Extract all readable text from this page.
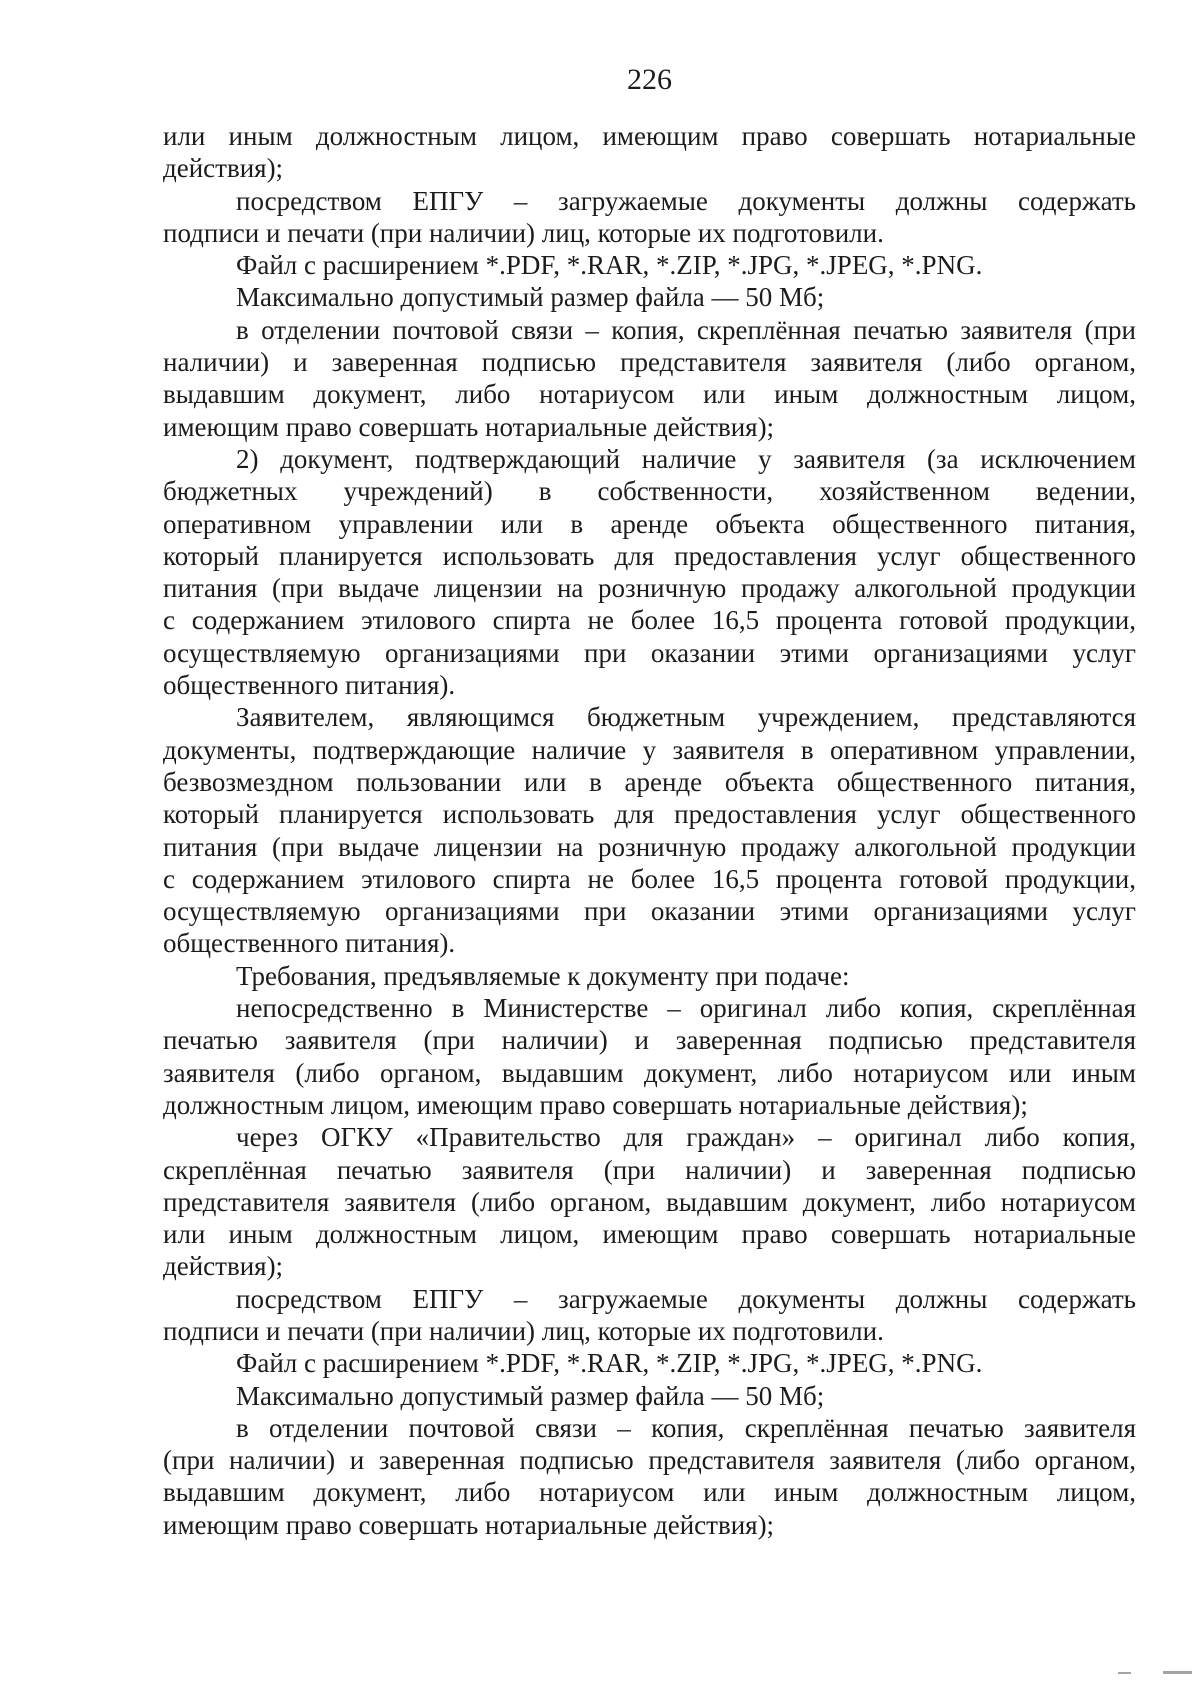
226
или иным должностным лицом, имеющим право совершать нотариальные
действия);
посредством ЕПГУ – загружаемые документы должны содержать
подписи и печати (при наличии) лиц, которые их подготовили.
Файл с расширением *.PDF, *.RAR, *.ZIP, *.JPG, *.JPEG, *.PNG.
Максимально допустимый размер файла — 50 Мб;
в отделении почтовой связи – копия, скреплённая печатью заявителя (при
наличии) и заверенная подписью представителя заявителя (либо органом,
выдавшим документ, либо нотариусом или иным должностным лицом,
имеющим право совершать нотариальные действия);
2) документ, подтверждающий наличие у заявителя (за исключением
бюджетных учреждений) в собственности, хозяйственном ведении,
оперативном управлении или в аренде объекта общественного питания,
который планируется использовать для предоставления услуг общественного
питания (при выдаче лицензии на розничную продажу алкогольной продукции
с содержанием этилового спирта не более 16,5 процента готовой продукции,
осуществляемую организациями при оказании этими организациями услуг
общественного питания).
Заявителем, являющимся бюджетным учреждением, представляются
документы, подтверждающие наличие у заявителя в оперативном управлении,
безвозмездном пользовании или в аренде объекта общественного питания,
который планируется использовать для предоставления услуг общественного
питания (при выдаче лицензии на розничную продажу алкогольной продукции
с содержанием этилового спирта не более 16,5 процента готовой продукции,
осуществляемую организациями при оказании этими организациями услуг
общественного питания).
Требования, предъявляемые к документу при подаче:
непосредственно в Министерстве – оригинал либо копия, скреплённая
печатью заявителя (при наличии) и заверенная подписью представителя
заявителя (либо органом, выдавшим документ, либо нотариусом или иным
должностным лицом, имеющим право совершать нотариальные действия);
через ОГКУ «Правительство для граждан» – оригинал либо копия,
скреплённая печатью заявителя (при наличии) и заверенная подписью
представителя заявителя (либо органом, выдавшим документ, либо нотариусом
или иным должностным лицом, имеющим право совершать нотариальные
действия);
посредством ЕПГУ – загружаемые документы должны содержать
подписи и печати (при наличии) лиц, которые их подготовили.
Файл с расширением *.PDF, *.RAR, *.ZIP, *.JPG, *.JPEG, *.PNG.
Максимально допустимый размер файла — 50 Мб;
в отделении почтовой связи – копия, скреплённая печатью заявителя
(при наличии) и заверенная подписью представителя заявителя (либо органом,
выдавшим документ, либо нотариусом или иным должностным лицом,
имеющим право совершать нотариальные действия);
